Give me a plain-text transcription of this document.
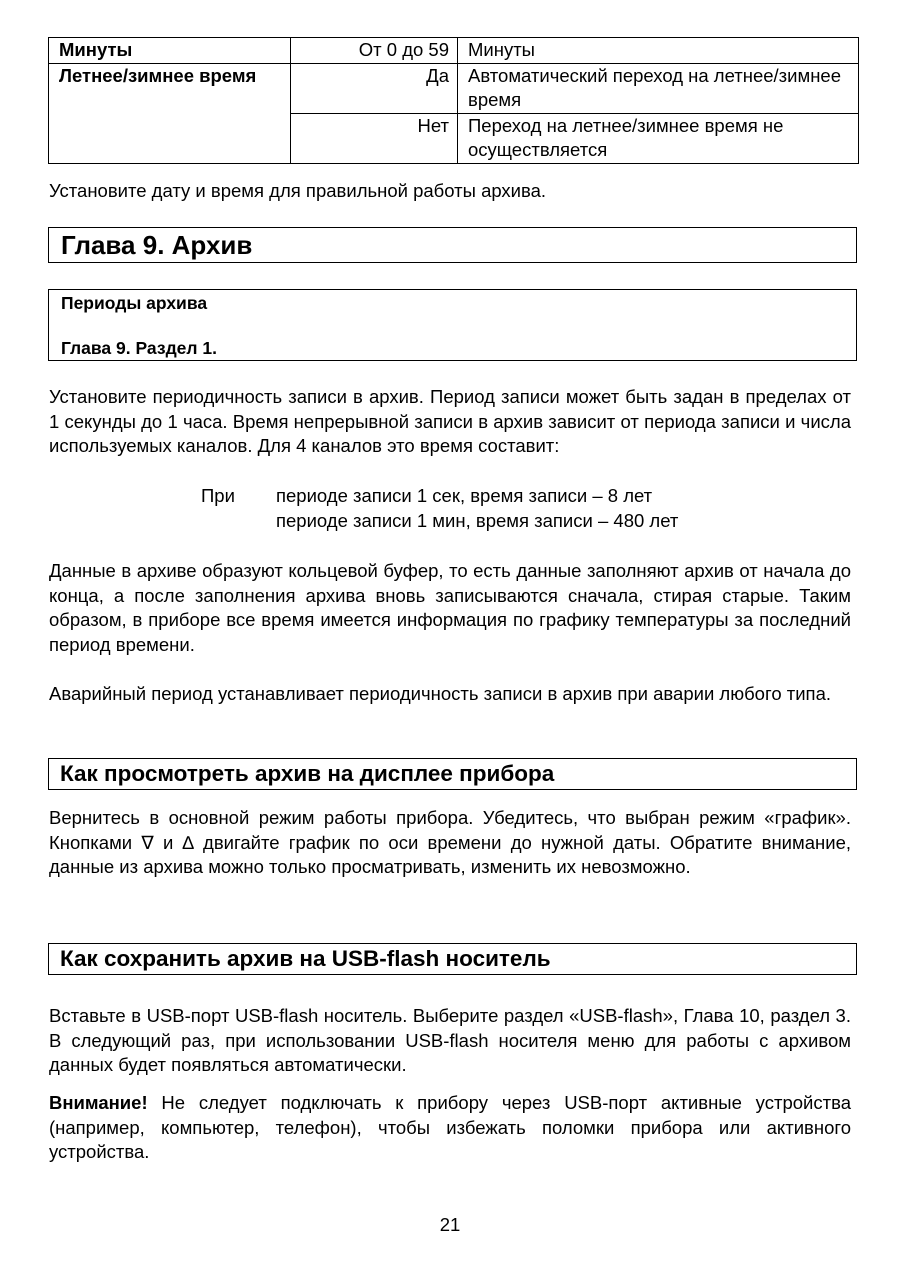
Минуты	От 0 до 59	Минуты
Летнее/зимнее время	Да	Автоматический переход на летнее/зимнее время
	Нет	Переход на летнее/зимнее время не осуществляется
Установите дату и время для правильной работы архива.
Глава 9. Архив
Периоды архива
Глава 9. Раздел 1.
Установите периодичность записи в архив. Период записи может быть задан в пределах от 1 секунды до 1 часа. Время непрерывной записи в архив зависит от периода записи и числа используемых каналов. Для 4 каналов это время составит:
При периоде записи 1 сек, время записи – 8 лет
периоде записи 1 мин, время записи – 480 лет
Данные в архиве образуют кольцевой буфер, то есть данные заполняют архив от начала до конца, а после заполнения архива вновь записываются сначала, стирая старые. Таким образом, в приборе все время имеется информация по графику температуры за последний период времени.
Аварийный период устанавливает периодичность записи в архив при аварии любого типа.
Как просмотреть архив на дисплее прибора
Вернитесь в основной режим работы прибора. Убедитесь, что выбран режим «график». Кнопками ∇ и ∆ двигайте график по оси времени до нужной даты. Обратите внимание, данные из архива можно только просматривать, изменить их невозможно.
Как сохранить архив на USB-flash носитель
Вставьте в USB-порт USB-flash носитель. Выберите раздел «USB-flash», Глава 10, раздел 3. В следующий раз, при использовании USB-flash носителя меню для работы с архивом данных будет появляться автоматически.
Внимание! Не следует подключать к прибору через USB-порт активные устройства (например, компьютер, телефон), чтобы избежать поломки прибора или активного устройства.
21
